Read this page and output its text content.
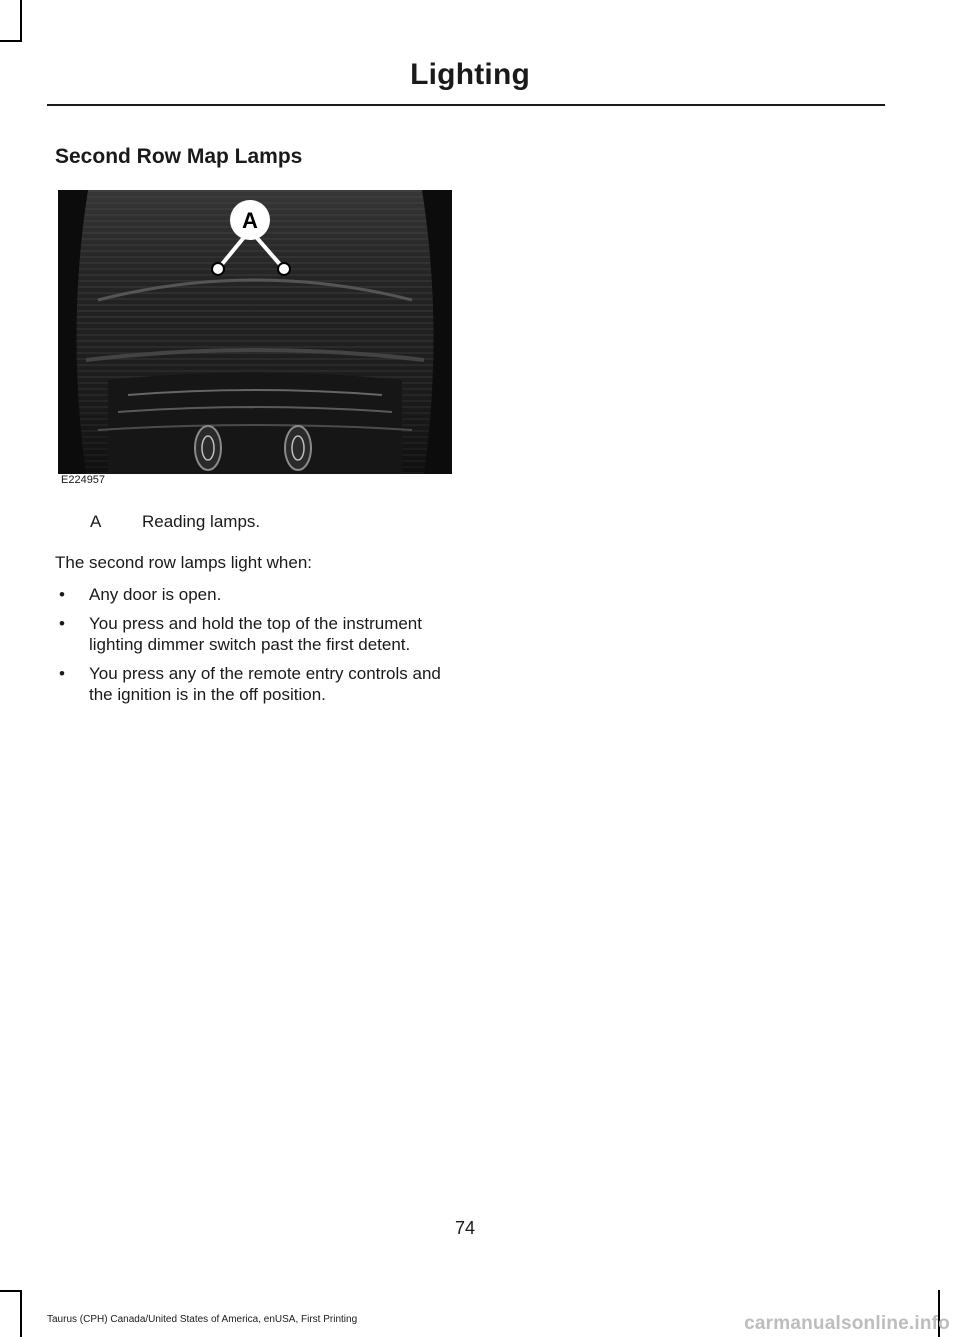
Lighting
Second Row Map Lamps
A
E224957
A Reading lamps.
The second row lamps light when:
• Any door is open.
• You press and hold the top of the instrument lighting dimmer switch past the first detent.
• You press any of the remote entry controls and the ignition is in the off position.
74
Taurus (CPH) Canada/United States of America, enUSA, First Printing	carmanualsonline.info
